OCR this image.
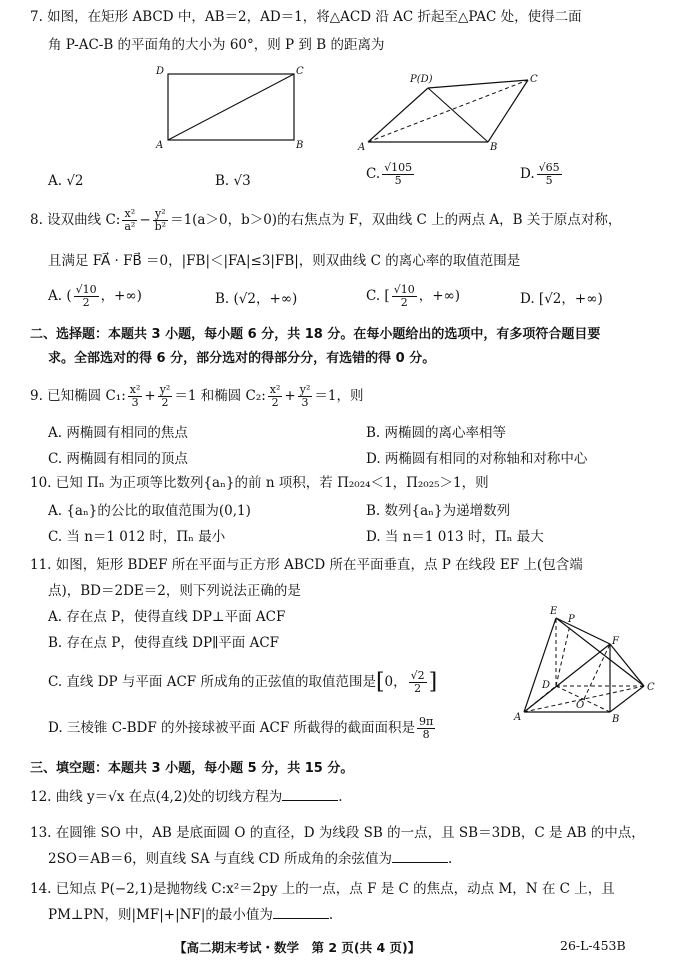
7. 如图，在矩形 ABCD 中，AB＝2，AD＝1，将△ACD 沿 AC 折起至△PAC 处，使得二面
角 P-AC-B 的平面角的大小为 60°，则 P 到 B 的距离为
D	C
A	B
P(D)	C
A	B
A. √2	B. √3	C. $\frac{√105}{5}$	D. $\frac{√65}{5}$
8. 设双曲线 C: $\frac{\text{x²}}{\text{a²}} - \frac{\text{y²}}{\text{b²}} =1(a>0$，b＞0)的右焦点为 F，双曲线 C 上的两点 A，B 关于原点对称，
且满足 FA⃗ · FB⃗ ＝0，|FB|＜|FA|≤3|FB|，则双曲线 C 的离心率的取值范围是
A. ( $\frac{√10}{2}$ ，+∞)	B. (√2，+∞)	C. [ $\frac{√10}{2}$ ，+∞)	D. [√2，+∞)
二、选择题：本题共 3 小题，每小题 6 分，共 18 分。在每小题给出的选项中，有多项符合题目要
求。全部选对的得 6 分，部分选对的得部分分，有选错的得 0 分。
9. 已知椭圆 C₁: $\frac{\text{x²}}{3} + \frac{\text{y²}}{2} =1$ 和椭圆 C₂: $\frac{\text{x²}}{2} + \frac{\text{y²}}{3} =1$，则
A. 两椭圆有相同的焦点	B. 两椭圆的离心率相等
C. 两椭圆有相同的顶点	D. 两椭圆有相同的对称轴和对称中心
10. 已知 Πₙ 为正项等比数列{aₙ}的前 n 项积，若 Π₂₀₂₄＜1，Π₂₀₂₅＞1，则
A. {aₙ}的公比的取值范围为(0,1)	B. 数列{aₙ}为递增数列
C. 当 n＝1 012 时，Πₙ 最小	D. 当 n＝1 013 时，Πₙ 最大
11. 如图，矩形 BDEF 所在平面与正方形 ABCD 所在平面垂直，点 P 在线段 EF 上(包含端
点)，BD＝2DE＝2，则下列说法正确的是
A. 存在点 P，使得直线 DP⊥平面 ACF
B. 存在点 P，使得直线 DP∥平面 ACF
C. 直线 DP 与平面 ACF 所成角的正弦值的取值范围是[0， $\frac{√2}{2}$ ]
D. 三棱锥 C-BDF 的外接球被平面 ACF 所截得的截面面积是 $\frac{9\pi}{8}$
E
P
F
D	C
O
A	B
三、填空题：本题共 3 小题，每小题 5 分，共 15 分。
12. 曲线 y＝√x 在点(4,2)处的切线方程为	.
13. 在圆锥 SO 中，AB 是底面圆 O 的直径，D 为线段 SB 的一点，且 SB＝3DB，C 是 AB 的中点，
2SO＝AB＝6，则直线 SA 与直线 CD 所成角的余弦值为	.
14. 已知点 P(−2,1)是抛物线 C:x²＝2py 上的一点，点 F 是 C 的焦点，动点 M，N 在 C 上，且
PM⊥PN，则|MF|+|NF|的最小值为	.
【高二期末考试・数学　第 2 页(共 4 页)】	26-L-453B
